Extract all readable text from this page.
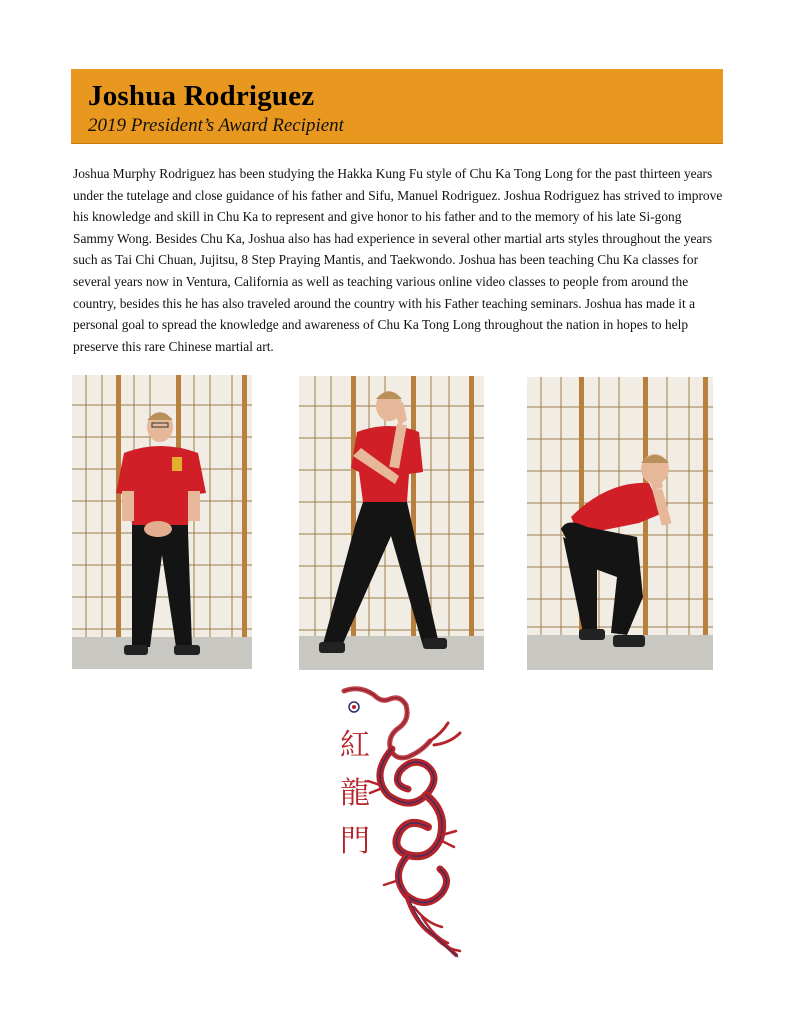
Joshua Rodriguez
2019 President’s Award Recipient

Joshua Murphy Rodriguez has been studying the Hakka Kung Fu style of Chu Ka Tong Long for the past thirteen years under the tutelage and close guidance of his father and Sifu, Manuel Rodriguez. Joshua Rodriguez has strived to improve his knowledge and skill in Chu Ka to represent and give honor to his father and to the memory of his late Si-gong Sammy Wong. Besides Chu Ka, Joshua also has had experience in several other martial arts styles throughout the years such as Tai Chi Chuan, Jujitsu, 8 Step Praying Mantis, and Taekwondo. Joshua has been teaching Chu Ka classes for several years now in Ventura, California as well as teaching various online video classes to people from around the country, besides this he has also traveled around the country with his Father teaching seminars. Joshua has made it a personal goal to spread the knowledge and awareness of Chu Ka Tong Long throughout the nation in hopes to help preserve this rare Chinese martial art.

紅
龍
門
